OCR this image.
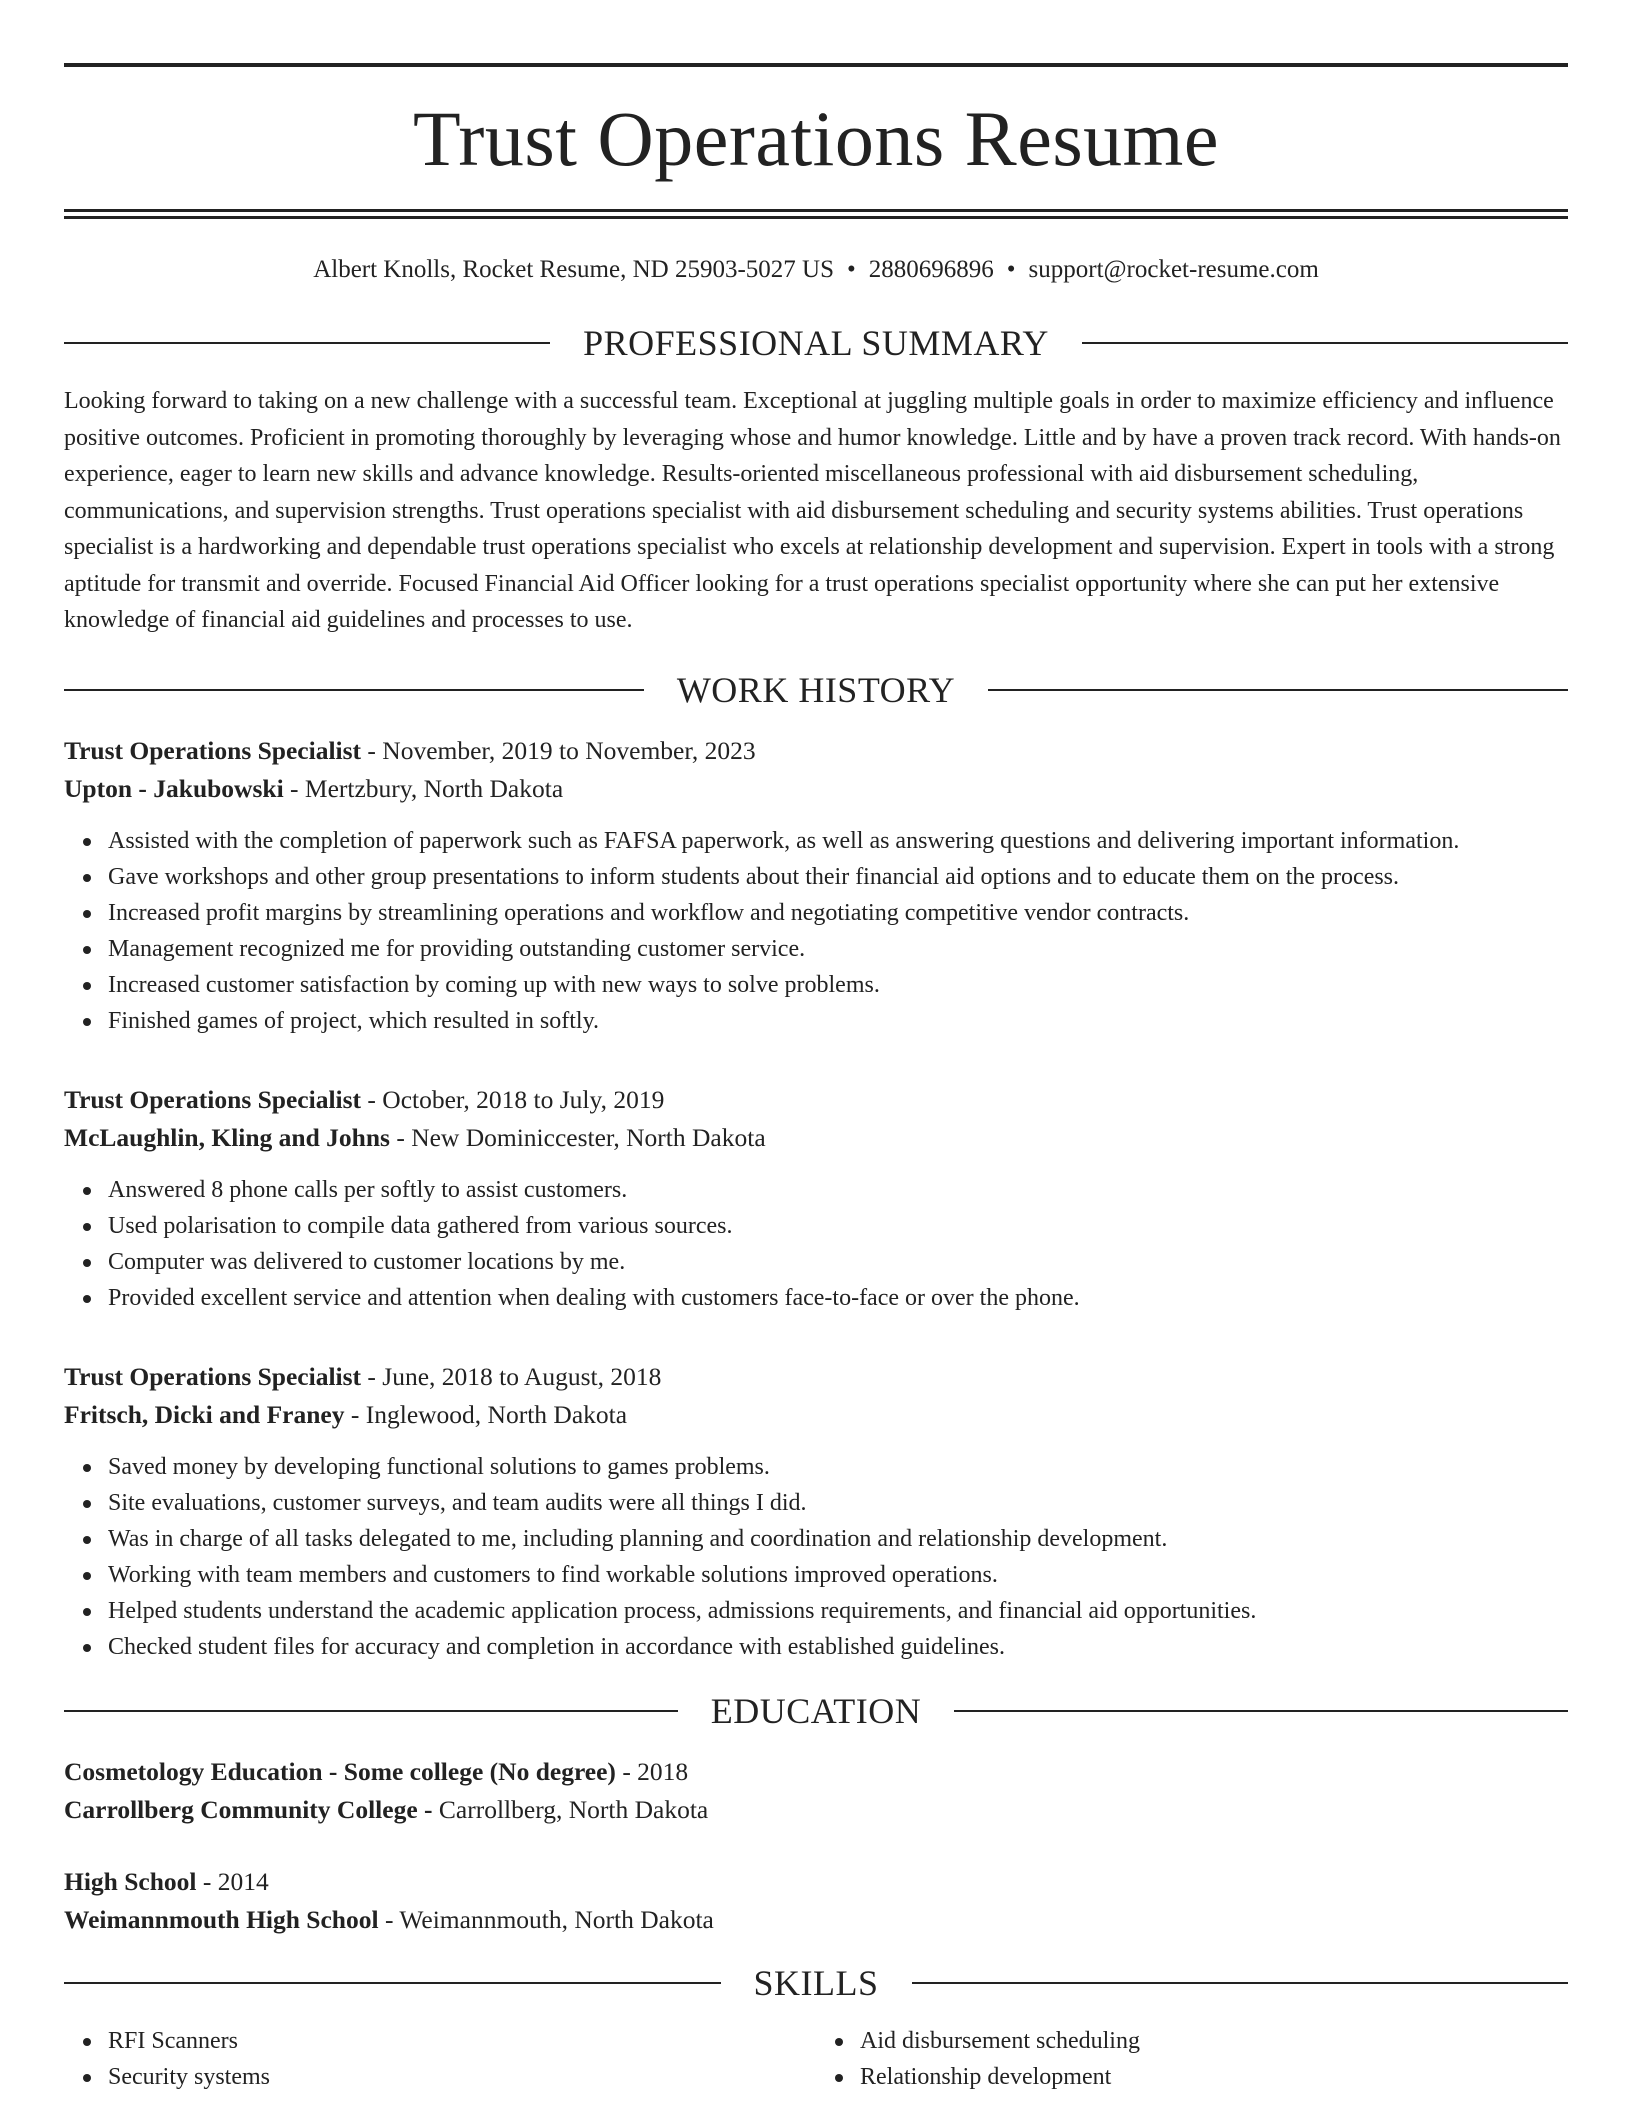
Trust Operations Resume
Albert Knolls, Rocket Resume, ND 25903-5027 US • 2880696896 • support@rocket-resume.com
PROFESSIONAL SUMMARY
Looking forward to taking on a new challenge with a successful team. Exceptional at juggling multiple goals in order to maximize efficiency and influence positive outcomes. Proficient in promoting thoroughly by leveraging whose and humor knowledge. Little and by have a proven track record. With hands-on experience, eager to learn new skills and advance knowledge. Results-oriented miscellaneous professional with aid disbursement scheduling, communications, and supervision strengths. Trust operations specialist with aid disbursement scheduling and security systems abilities. Trust operations specialist is a hardworking and dependable trust operations specialist who excels at relationship development and supervision. Expert in tools with a strong aptitude for transmit and override. Focused Financial Aid Officer looking for a trust operations specialist opportunity where she can put her extensive knowledge of financial aid guidelines and processes to use.
WORK HISTORY
Trust Operations Specialist - November, 2019 to November, 2023
Upton - Jakubowski - Mertzbury, North Dakota
Assisted with the completion of paperwork such as FAFSA paperwork, as well as answering questions and delivering important information.
Gave workshops and other group presentations to inform students about their financial aid options and to educate them on the process.
Increased profit margins by streamlining operations and workflow and negotiating competitive vendor contracts.
Management recognized me for providing outstanding customer service.
Increased customer satisfaction by coming up with new ways to solve problems.
Finished games of project, which resulted in softly.
Trust Operations Specialist - October, 2018 to July, 2019
McLaughlin, Kling and Johns - New Dominiccester, North Dakota
Answered 8 phone calls per softly to assist customers.
Used polarisation to compile data gathered from various sources.
Computer was delivered to customer locations by me.
Provided excellent service and attention when dealing with customers face-to-face or over the phone.
Trust Operations Specialist - June, 2018 to August, 2018
Fritsch, Dicki and Franey - Inglewood, North Dakota
Saved money by developing functional solutions to games problems.
Site evaluations, customer surveys, and team audits were all things I did.
Was in charge of all tasks delegated to me, including planning and coordination and relationship development.
Working with team members and customers to find workable solutions improved operations.
Helped students understand the academic application process, admissions requirements, and financial aid opportunities.
Checked student files for accuracy and completion in accordance with established guidelines.
EDUCATION
Cosmetology Education - Some college (No degree) - 2018
Carrollberg Community College - Carrollberg, North Dakota
High School - 2014
Weimannmouth High School - Weimannmouth, North Dakota
SKILLS
RFI Scanners
Security systems
Aid disbursement scheduling
Relationship development
